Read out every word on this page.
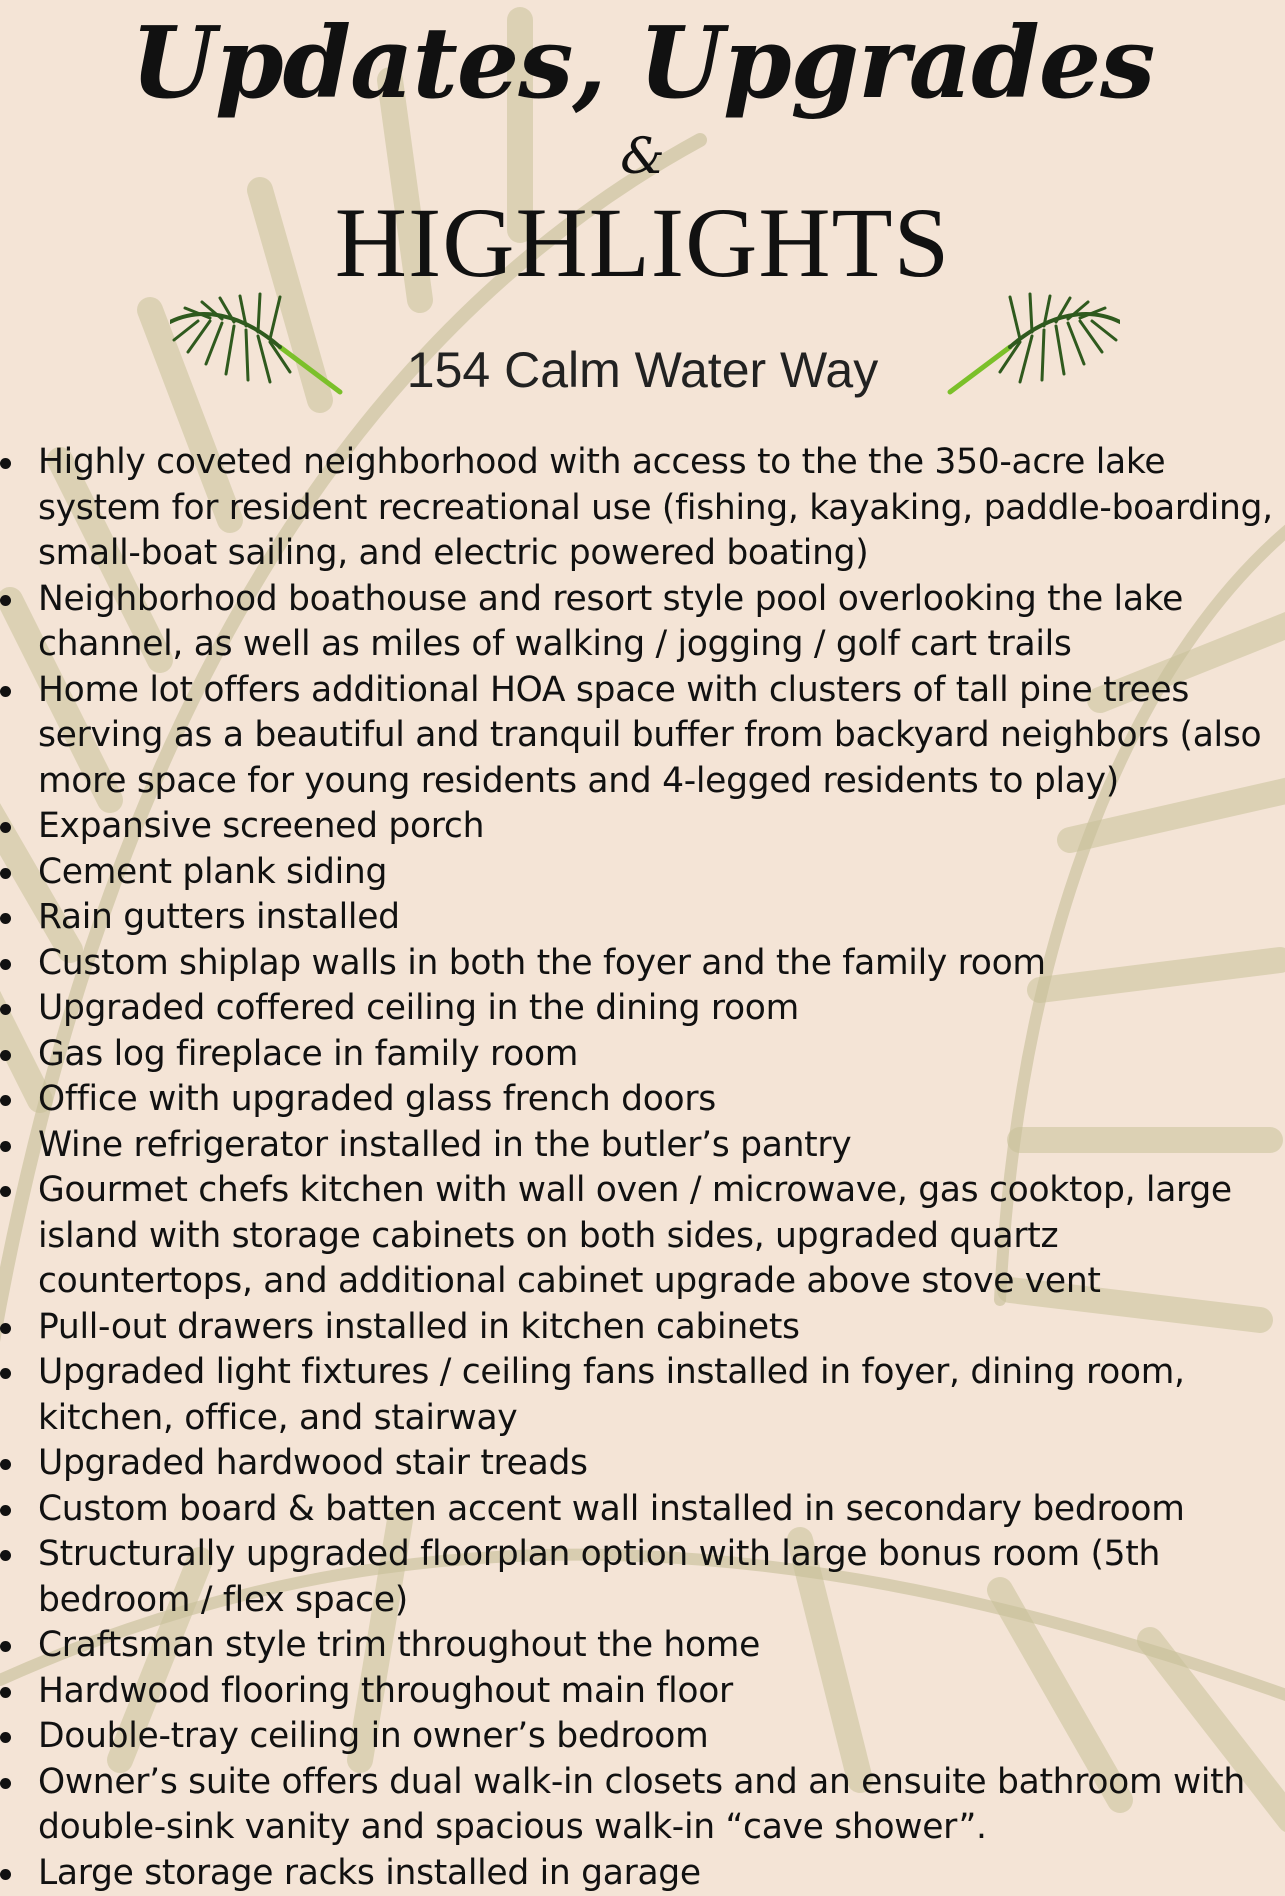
Updates, Upgrades
&
HIGHLIGHTS
154 Calm Water Way
Highly coveted neighborhood with access to the the 350-acre lake system for resident recreational use (fishing, kayaking, paddle-boarding, small-boat sailing, and electric powered boating)
Neighborhood boathouse and resort style pool overlooking the lake channel, as well as miles of walking / jogging / golf cart trails
Home lot offers additional HOA space with clusters of tall pine trees serving as a beautiful and tranquil buffer from backyard neighbors (also more space for young residents and 4-legged residents to play)
Expansive screened porch
Cement plank siding
Rain gutters installed
Custom shiplap walls in both the foyer and the family room
Upgraded coffered ceiling in the dining room
Gas log fireplace in family room
Office with upgraded glass french doors
Wine refrigerator installed in the butler’s pantry
Gourmet chefs kitchen with wall oven / microwave, gas cooktop, large island with storage cabinets on both sides, upgraded quartz countertops, and additional cabinet upgrade above stove vent
Pull-out drawers installed in kitchen cabinets
Upgraded light fixtures / ceiling fans installed in foyer, dining room, kitchen, office, and stairway
Upgraded hardwood stair treads
Custom board & batten accent wall installed in secondary bedroom
Structurally upgraded floorplan option with large bonus room (5th bedroom / flex space)
Craftsman style trim throughout the home
Hardwood flooring throughout main floor
Double-tray ceiling in owner’s bedroom
Owner’s suite offers dual walk-in closets and an ensuite bathroom with double-sink vanity and spacious walk-in “cave shower”.
Large storage racks installed in garage
